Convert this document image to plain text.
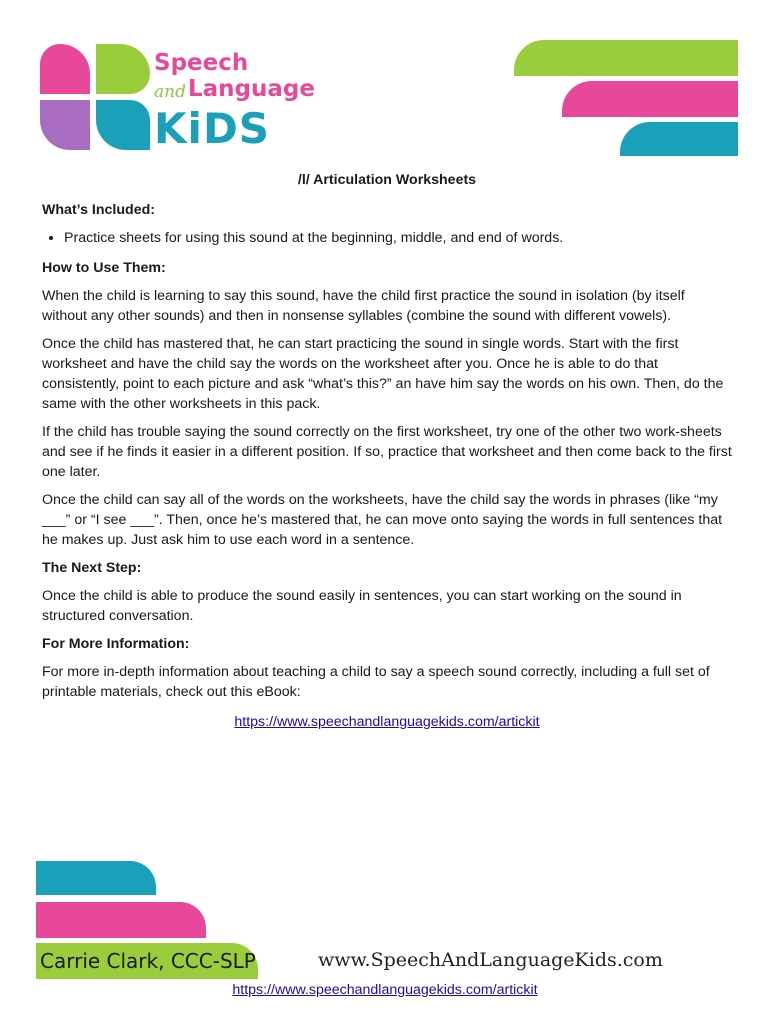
Speech
and Language
KiDS
/l/ Articulation Worksheets
What’s Included:
• Practice sheets for using this sound at the beginning, middle, and end of words.
How to Use Them:

When the child is learning to say this sound, have the child first practice the sound in isolation (by itself without any other sounds) and then in nonsense syllables (combine the sound with different vowels).

Once the child has mastered that, he can start practicing the sound in single words. Start with the first worksheet and have the child say the words on the worksheet after you. Once he is able to do that consistently, point to each picture and ask “what’s this?” an have him say the words on his own. Then, do the same with the other worksheets in this pack.

If the child has trouble saying the sound correctly on the first worksheet, try one of the other two work-sheets and see if he finds it easier in a different position. If so, practice that worksheet and then come back to the first one later.

Once the child can say all of the words on the worksheets, have the child say the words in phrases (like “my ___” or “I see ___”. Then, once he’s mastered that, he can move onto saying the words in full sentences that he makes up. Just ask him to use each word in a sentence.

The Next Step:

Once the child is able to produce the sound easily in sentences, you can start working on the sound in structured conversation.

For More Information:

For more in-depth information about teaching a child to say a speech sound correctly, including a full set of printable materials, check out this eBook:

https://www.speechandlanguagekids.com/artickit
Carrie Clark, CCC-SLP	www.SpeechAndLanguageKids.com
https://www.speechandlanguagekids.com/artickit
